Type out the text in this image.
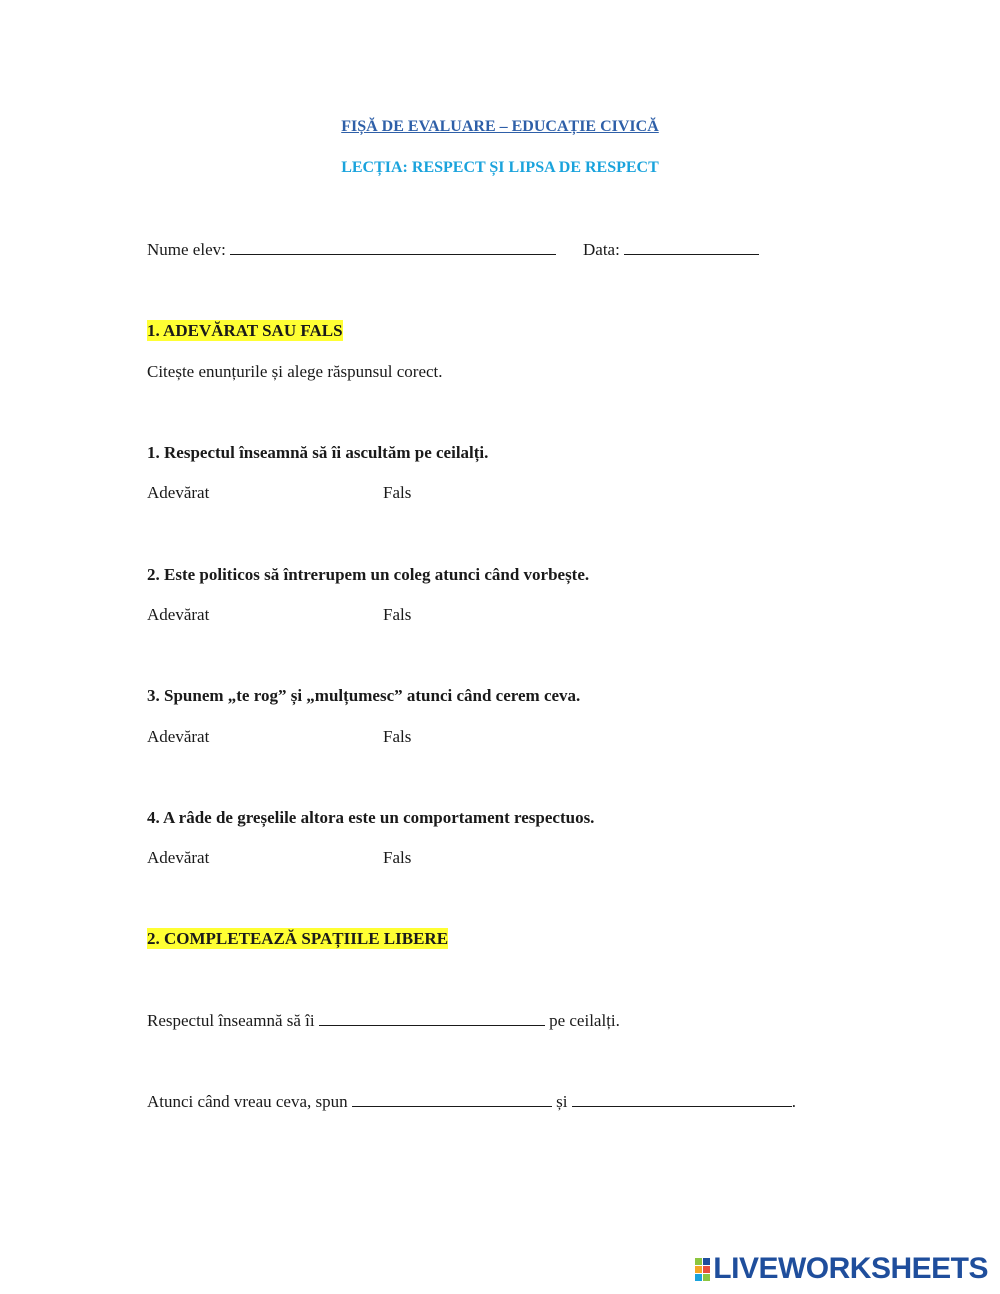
FIȘĂ DE EVALUARE – EDUCAȚIE CIVICĂ
LECȚIA: RESPECT ȘI LIPSA DE RESPECT
Nume elev:	Data:
1. ADEVĂRAT SAU FALS
Citește enunțurile și alege răspunsul corect.
1. Respectul înseamnă să îi ascultăm pe ceilalți.
Adevărat	Fals
2. Este politicos să întrerupem un coleg atunci când vorbește.
Adevărat	Fals
3. Spunem „te rog” și „mulțumesc” atunci când cerem ceva.
Adevărat	Fals
4. A râde de greșelile altora este un comportament respectuos.
Adevărat	Fals
2. COMPLETEAZĂ SPAȚIILE LIBERE
Respectul înseamnă să îi	pe ceilalți.
Atunci când vreau ceva, spun	și	.
LIVEWORKSHEETS
